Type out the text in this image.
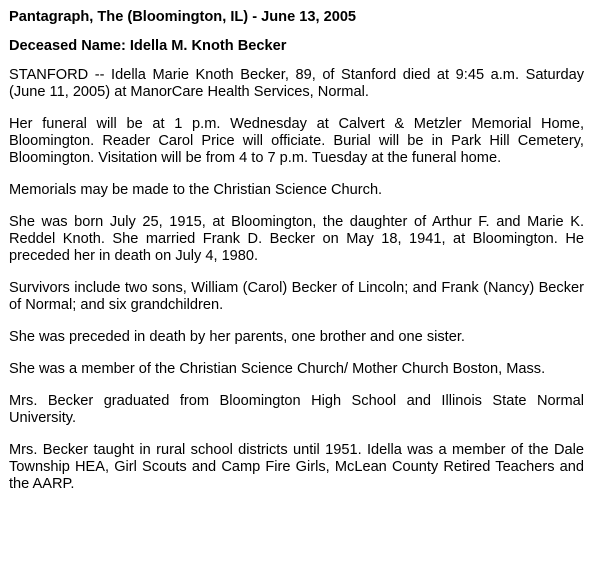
Pantagraph, The (Bloomington, IL) - June 13, 2005
Deceased Name: Idella M. Knoth Becker

STANFORD -- Idella Marie Knoth Becker, 89, of Stanford died at 9:45 a.m. Saturday (June 11, 2005) at ManorCare Health Services, Normal.

Her funeral will be at 1 p.m. Wednesday at Calvert & Metzler Memorial Home, Bloomington. Reader Carol Price will officiate. Burial will be in Park Hill Cemetery, Bloomington. Visitation will be from 4 to 7 p.m. Tuesday at the funeral home.

Memorials may be made to the Christian Science Church.

She was born July 25, 1915, at Bloomington, the daughter of Arthur F. and Marie K. Reddel Knoth. She married Frank D. Becker on May 18, 1941, at Bloomington. He preceded her in death on July 4, 1980.

Survivors include two sons, William (Carol) Becker of Lincoln; and Frank (Nancy) Becker of Normal; and six grandchildren.

She was preceded in death by her parents, one brother and one sister.

She was a member of the Christian Science Church/ Mother Church Boston, Mass.

Mrs. Becker graduated from Bloomington High School and Illinois State Normal University.

Mrs. Becker taught in rural school districts until 1951. Idella was a member of the Dale Township HEA, Girl Scouts and Camp Fire Girls, McLean County Retired Teachers and the AARP.
